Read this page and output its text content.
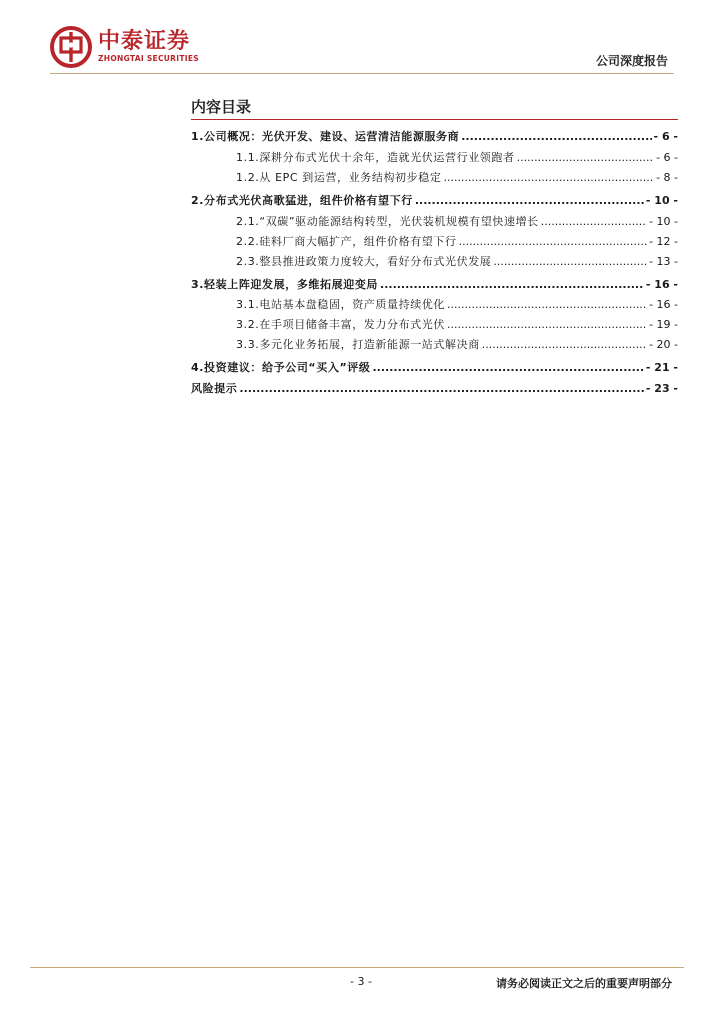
中泰证券
ZHONGTAI SECURITIES	公司深度报告
内容目录
1.公司概况：光伏开发、建设、运营清洁能源服务商 .....	- 6 -
1.1.深耕分布式光伏十余年，造就光伏运营行业领跑者 .....	- 6 -
1.2.从 EPC 到运营，业务结构初步稳定 .....	- 8 -
2.分布式光伏高歌猛进，组件价格有望下行 .....	- 10 -
2.1.“双碳”驱动能源结构转型，光伏装机规模有望快速增长 .....	- 10 -
2.2.硅料厂商大幅扩产，组件价格有望下行 .....	- 12 -
2.3.整县推进政策力度较大，看好分布式光伏发展 .....	- 13 -
3.轻装上阵迎发展，多维拓展迎变局 .....	- 16 -
3.1.电站基本盘稳固，资产质量持续优化 .....	- 16 -
3.2.在手项目储备丰富，发力分布式光伏 .....	- 19 -
3.3.多元化业务拓展，打造新能源一站式解决商 .....	- 20 -
4.投资建议：给予公司“买入”评级 .....	- 21 -
风险提示 .....	- 23 -
- 3 -	请务必阅读正文之后的重要声明部分
